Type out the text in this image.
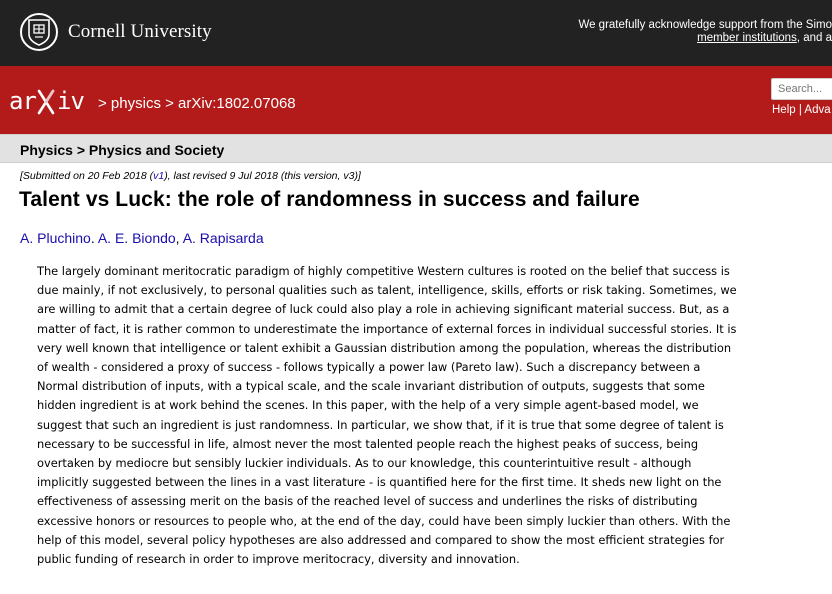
Cornell University	We gratefully acknowledge support from the Simo
member institutions, and a
ar iv > physics > arXiv:1802.07068
Search...	Help | Adva
Physics > Physics and Society
[Submitted on 20 Feb 2018 (v1), last revised 9 Jul 2018 (this version, v3)]
Talent vs Luck: the role of randomness in success and failure
A. Pluchino. A. E. Biondo, A. Rapisarda
The largely dominant meritocratic paradigm of highly competitive Western cultures is rooted on the belief that success is
due mainly, if not exclusively, to personal qualities such as talent, intelligence, skills, efforts or risk taking. Sometimes, we
are willing to admit that a certain degree of luck could also play a role in achieving significant material success. But, as a
matter of fact, it is rather common to underestimate the importance of external forces in individual successful stories. It is
very well known that intelligence or talent exhibit a Gaussian distribution among the population, whereas the distribution
of wealth - considered a proxy of success - follows typically a power law (Pareto law). Such a discrepancy between a
Normal distribution of inputs, with a typical scale, and the scale invariant distribution of outputs, suggests that some
hidden ingredient is at work behind the scenes. In this paper, with the help of a very simple agent-based model, we
suggest that such an ingredient is just randomness. In particular, we show that, if it is true that some degree of talent is
necessary to be successful in life, almost never the most talented people reach the highest peaks of success, being
overtaken by mediocre but sensibly luckier individuals. As to our knowledge, this counterintuitive result - although
implicitly suggested between the lines in a vast literature - is quantified here for the first time. It sheds new light on the
effectiveness of assessing merit on the basis of the reached level of success and underlines the risks of distributing
excessive honors or resources to people who, at the end of the day, could have been simply luckier than others. With the
help of this model, several policy hypotheses are also addressed and compared to show the most efficient strategies for
public funding of research in order to improve meritocracy, diversity and innovation.
